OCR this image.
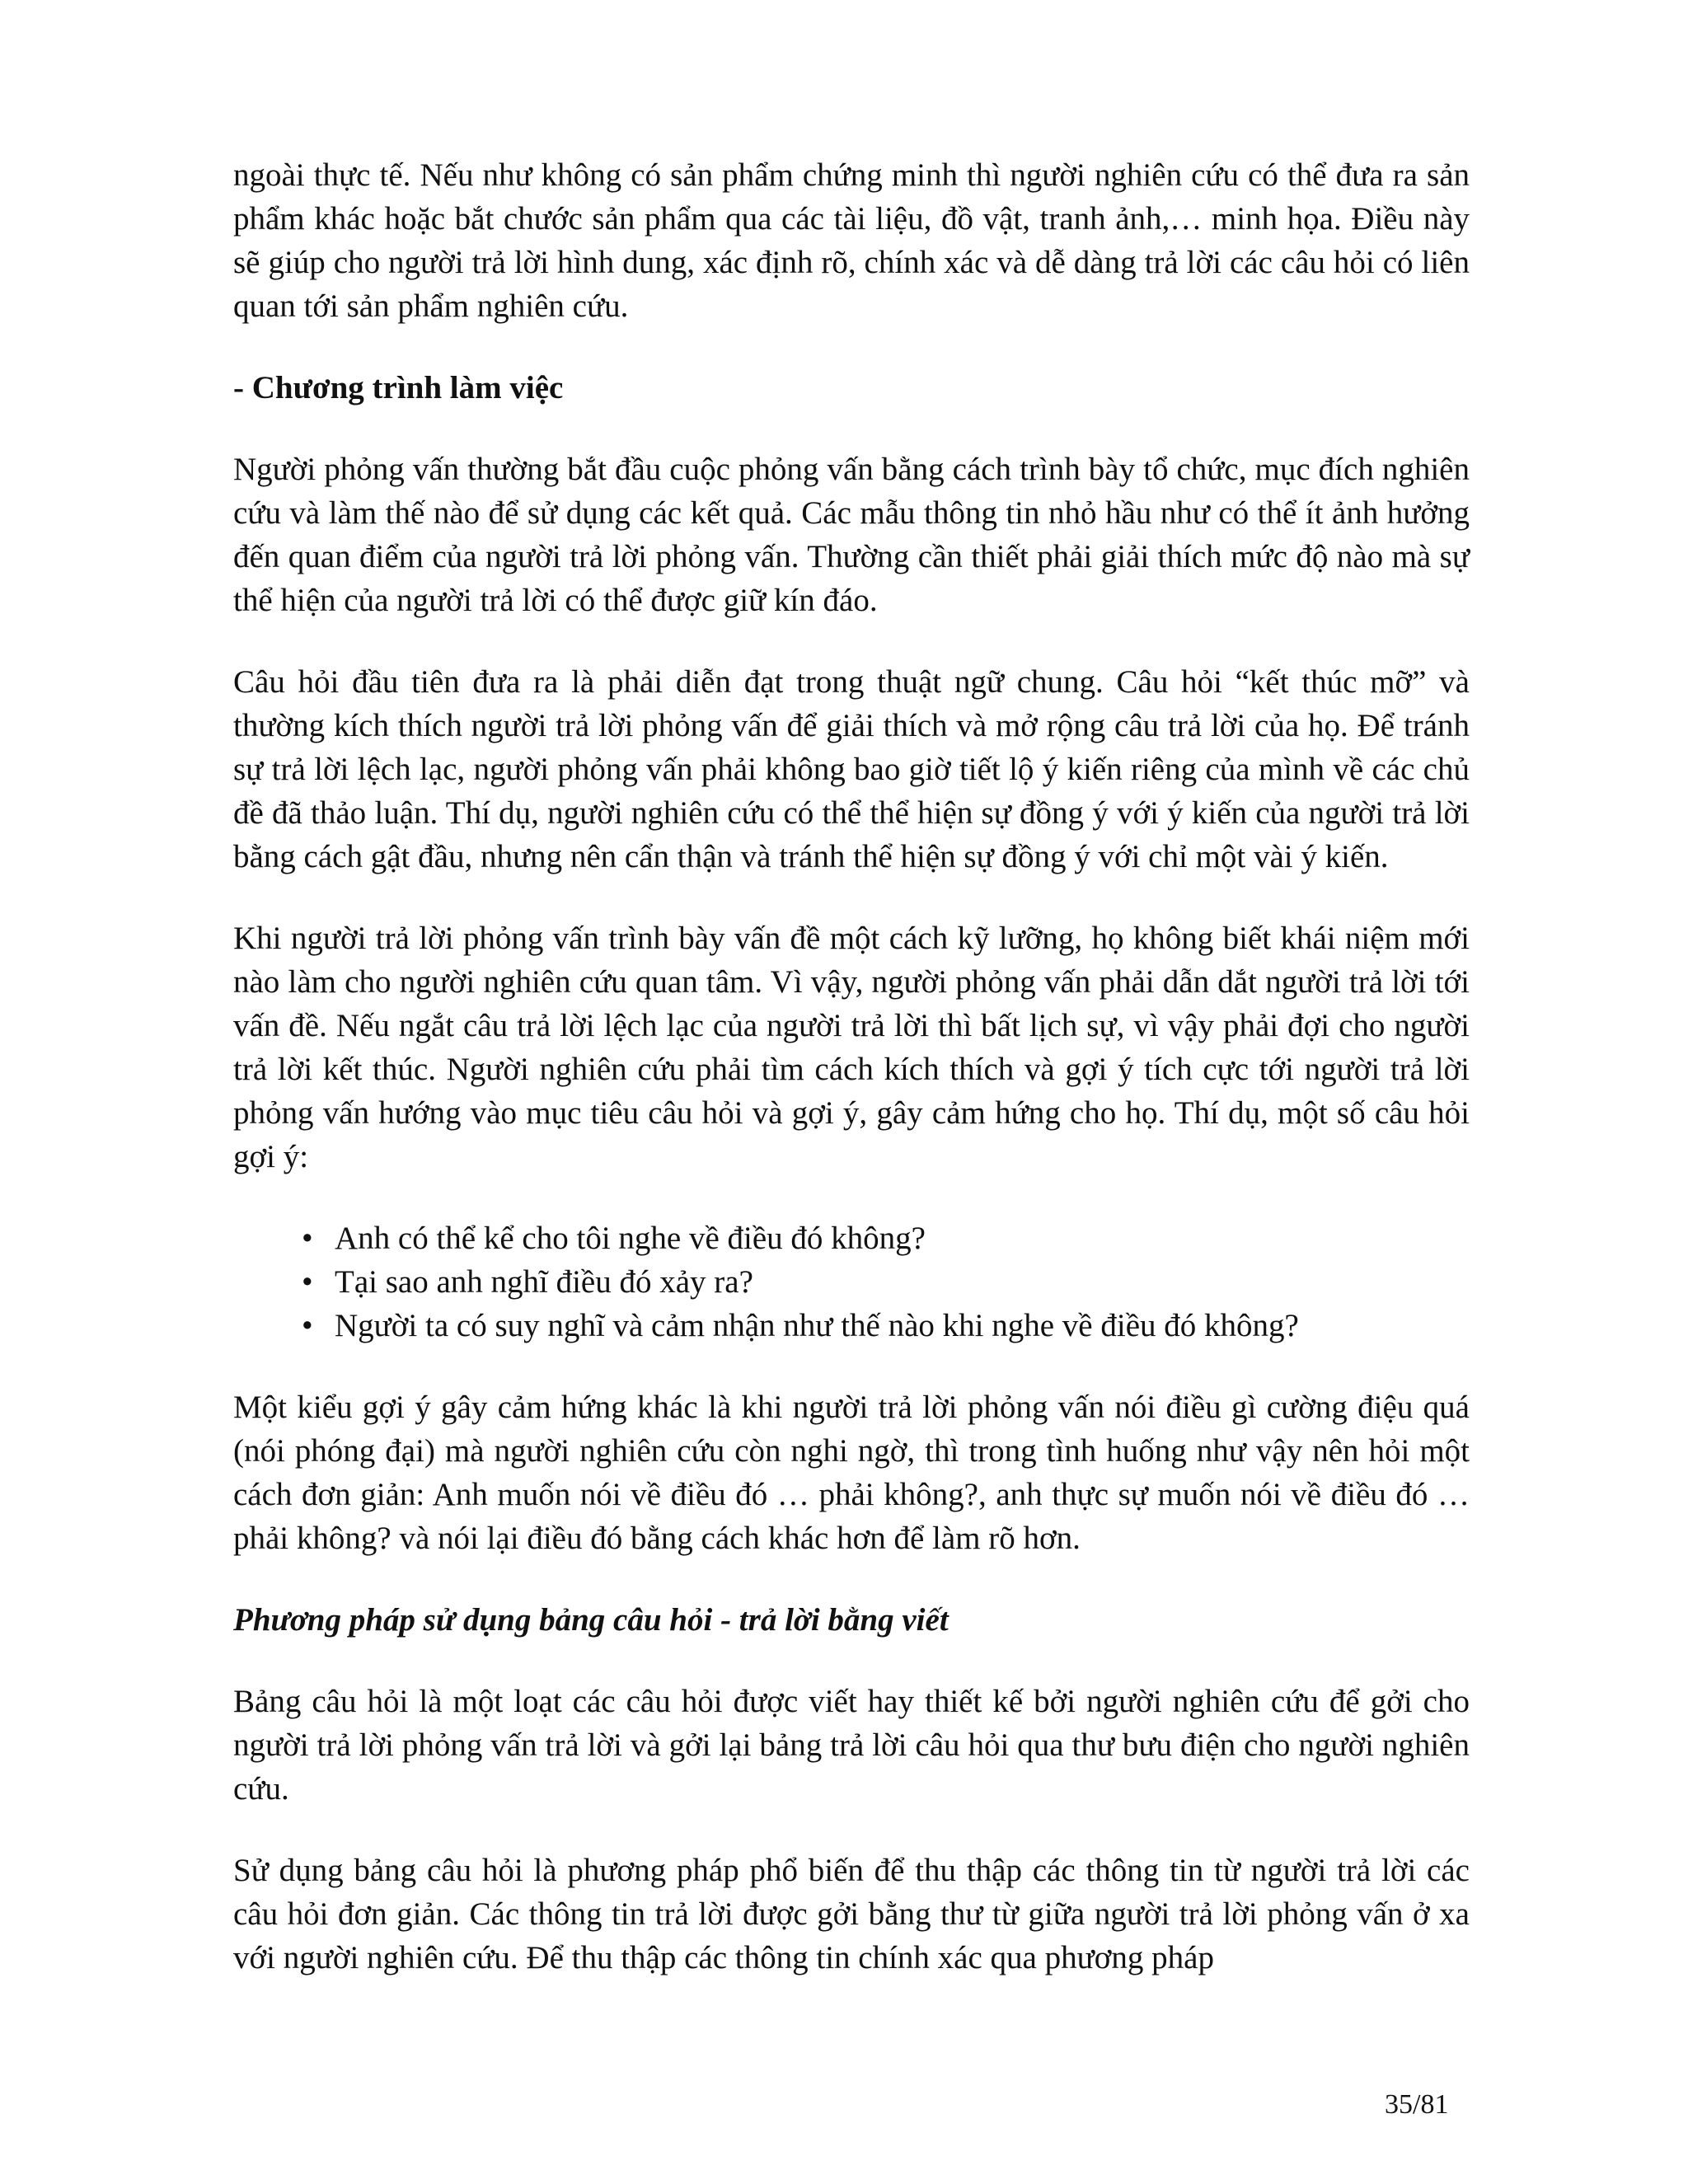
ngoài thực tế. Nếu như không có sản phẩm chứng minh thì người nghiên cứu có thể đưa ra sản phẩm khác hoặc bắt chước sản phẩm qua các tài liệu, đồ vật, tranh ảnh,… minh họa. Điều này sẽ giúp cho người trả lời hình dung, xác định rõ, chính xác và dễ dàng trả lời các câu hỏi có liên quan tới sản phẩm nghiên cứu.

- Chương trình làm việc

Người phỏng vấn thường bắt đầu cuộc phỏng vấn bằng cách trình bày tổ chức, mục đích nghiên cứu và làm thế nào để sử dụng các kết quả. Các mẫu thông tin nhỏ hầu như có thể ít ảnh hưởng đến quan điểm của người trả lời phỏng vấn. Thường cần thiết phải giải thích mức độ nào mà sự thể hiện của người trả lời có thể được giữ kín đáo.

Câu hỏi đầu tiên đưa ra là phải diễn đạt trong thuật ngữ chung. Câu hỏi “kết thúc mỡ” và thường kích thích người trả lời phỏng vấn để giải thích và mở rộng câu trả lời của họ. Để tránh sự trả lời lệch lạc, người phỏng vấn phải không bao giờ tiết lộ ý kiến riêng của mình về các chủ đề đã thảo luận. Thí dụ, người nghiên cứu có thể thể hiện sự đồng ý với ý kiến của người trả lời bằng cách gật đầu, nhưng nên cẩn thận và tránh thể hiện sự đồng ý với chỉ một vài ý kiến.

Khi người trả lời phỏng vấn trình bày vấn đề một cách kỹ lưỡng, họ không biết khái niệm mới nào làm cho người nghiên cứu quan tâm. Vì vậy, người phỏng vấn phải dẫn dắt người trả lời tới vấn đề. Nếu ngắt câu trả lời lệch lạc của người trả lời thì bất lịch sự, vì vậy phải đợi cho người trả lời kết thúc. Người nghiên cứu phải tìm cách kích thích và gợi ý tích cực tới người trả lời phỏng vấn hướng vào mục tiêu câu hỏi và gợi ý, gây cảm hứng cho họ. Thí dụ, một số câu hỏi gợi ý:

• Anh có thể kể cho tôi nghe về điều đó không?
• Tại sao anh nghĩ điều đó xảy ra?
• Người ta có suy nghĩ và cảm nhận như thế nào khi nghe về điều đó không?

Một kiểu gợi ý gây cảm hứng khác là khi người trả lời phỏng vấn nói điều gì cường điệu quá (nói phóng đại) mà người nghiên cứu còn nghi ngờ, thì trong tình huống như vậy nên hỏi một cách đơn giản: Anh muốn nói về điều đó … phải không?, anh thực sự muốn nói về điều đó … phải không? và nói lại điều đó bằng cách khác hơn để làm rõ hơn.

Phương pháp sử dụng bảng câu hỏi - trả lời bằng viết

Bảng câu hỏi là một loạt các câu hỏi được viết hay thiết kế bởi người nghiên cứu để gởi cho người trả lời phỏng vấn trả lời và gởi lại bảng trả lời câu hỏi qua thư bưu điện cho người nghiên cứu.

Sử dụng bảng câu hỏi là phương pháp phổ biến để thu thập các thông tin từ người trả lời các câu hỏi đơn giản. Các thông tin trả lời được gởi bằng thư từ giữa người trả lời phỏng vấn ở xa với người nghiên cứu. Để thu thập các thông tin chính xác qua phương pháp

35/81
